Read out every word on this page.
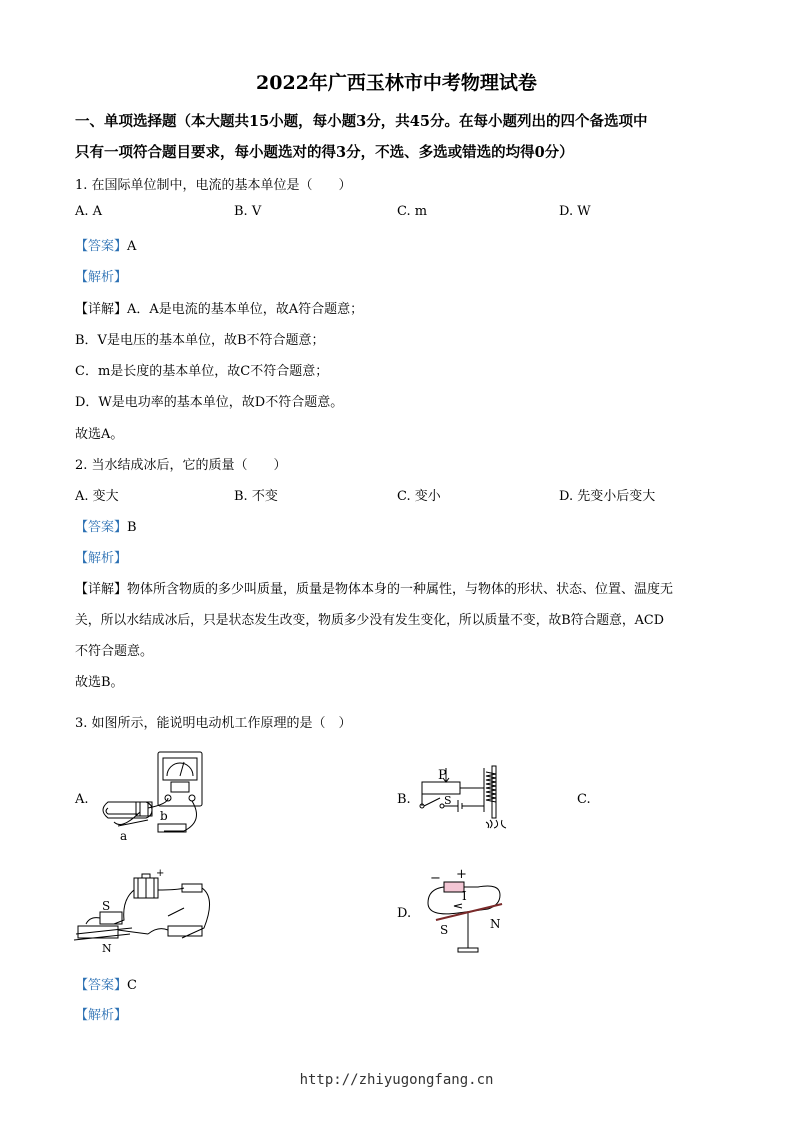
2022年广西玉林市中考物理试卷
一、单项选择题（本大题共15小题，每小题3分，共45分。在每小题列出的四个备选项中
只有一项符合题目要求，每小题选对的得3分，不选、多选或错选的均得0分）
1. 在国际单位制中，电流的基本单位是（　　）
A. A	B. V	C. m	D. W
【答案】A
【解析】
【详解】A．A是电流的基本单位，故A符合题意；
B．V是电压的基本单位，故B不符合题意；
C．m是长度的基本单位，故C不符合题意；
D．W是电功率的基本单位，故D不符合题意。
故选A。
2. 当水结成冰后，它的质量（　　）
A. 变大	B. 不变	C. 变小	D. 先变小后变大
【答案】B
【解析】
【详解】物体所含物质的多少叫质量，质量是物体本身的一种属性，与物体的形状、状态、位置、温度无
关，所以水结成冰后，只是状态发生改变，物质多少没有发生变化，所以质量不变，故B符合题意，ACD
不符合题意。
故选B。
3. 如图所示，能说明电动机工作原理的是（　）
A.	B.	C.
D.
b
a
P
S
S
N
+	− +
I
S	N
【答案】C
【解析】
http://zhiyugongfang.cn
